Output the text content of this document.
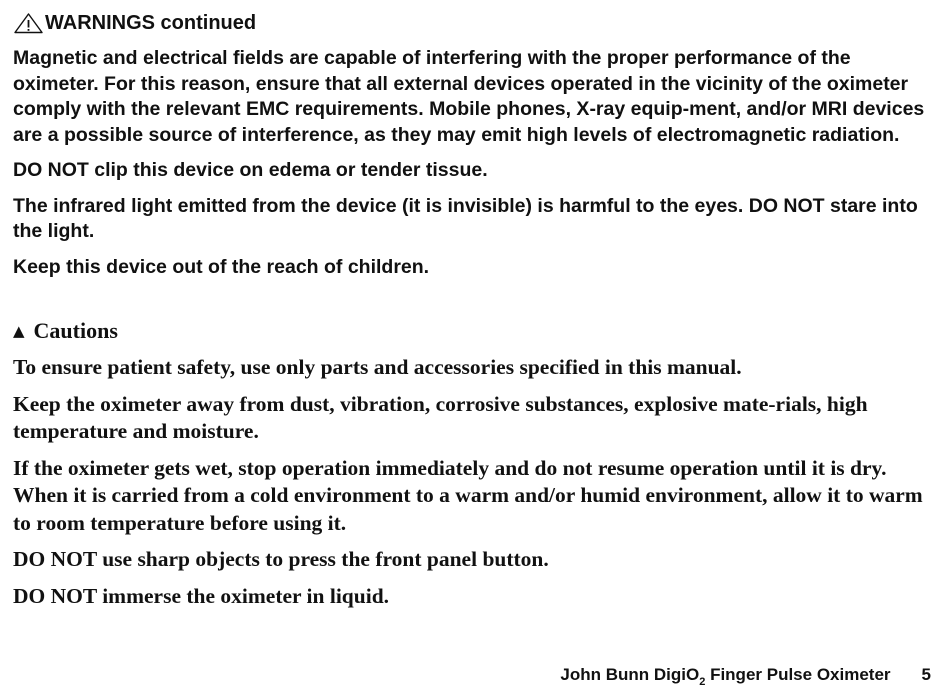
WARNINGS continued

Magnetic and electrical fields are capable of interfering with the proper performance of the oximeter. For this reason, ensure that all external devices operated in the vicinity of the oximeter comply with the relevant EMC requirements. Mobile phones, X-ray equip-ment, and/or MRI devices are a possible source of interference, as they may emit high levels of electromagnetic radiation.

DO NOT clip this device on edema or tender tissue.

The infrared light emitted from the device (it is invisible) is harmful to the eyes. DO NOT stare into the light.

Keep this device out of the reach of children.

▲ Cautions

To ensure patient safety, use only parts and accessories specified in this manual.

Keep the oximeter away from dust, vibration, corrosive substances, explosive mate-rials, high temperature and moisture.

If the oximeter gets wet, stop operation immediately and do not resume operation until it is dry. When it is carried from a cold environment to a warm and/or humid environment, allow it to warm to room temperature before using it.

DO NOT use sharp objects to press the front panel button.

DO NOT immerse the oximeter in liquid.

John Bunn DigiO$_2$ Finger Pulse Oximeter 5
